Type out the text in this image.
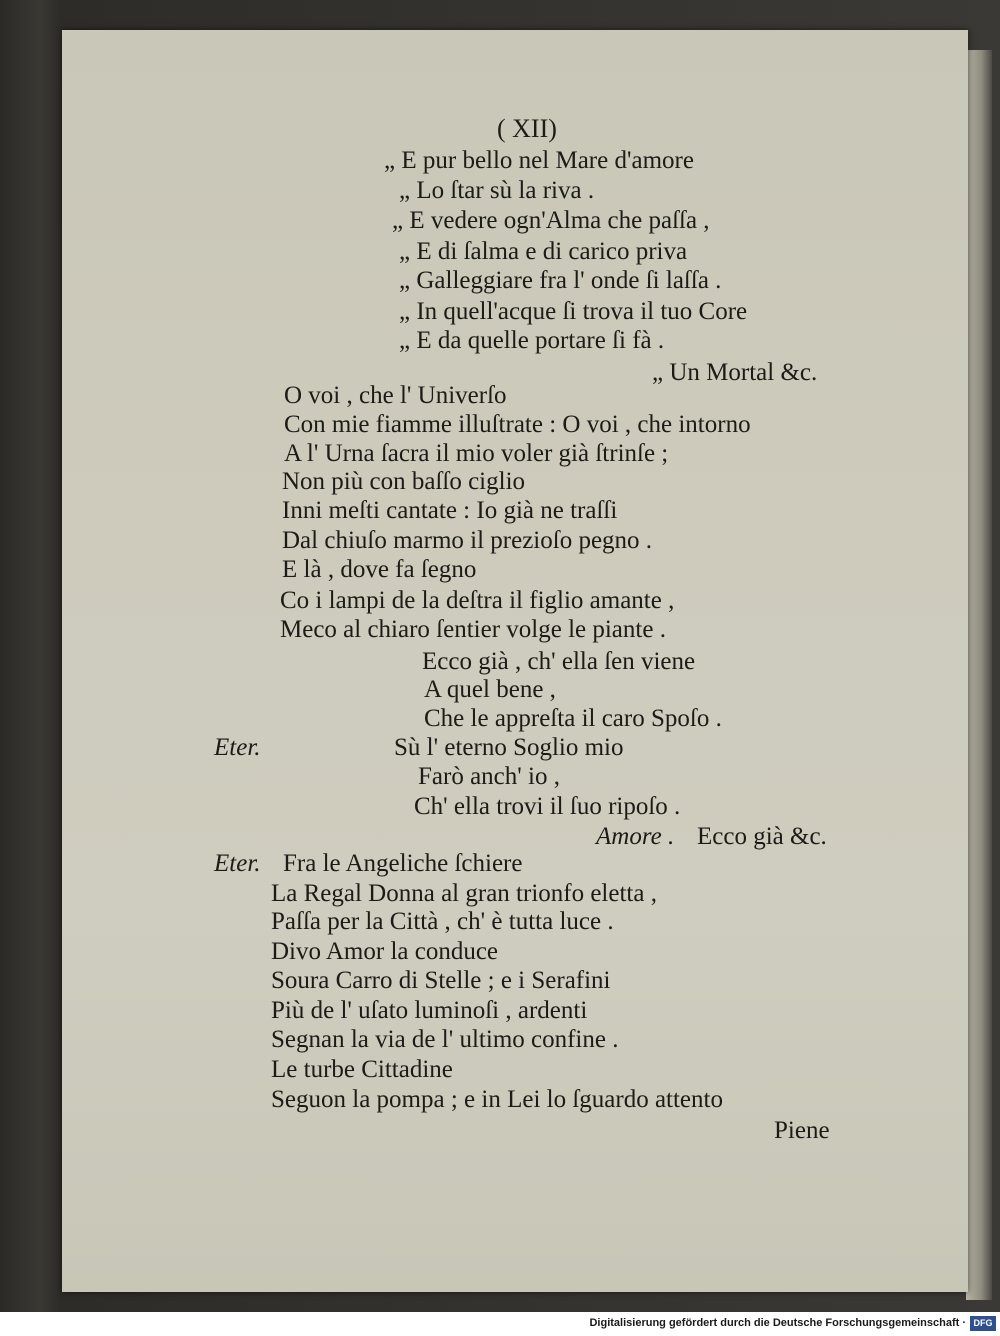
( XII)
„ E pur bello nel Mare d'amore
„ Lo ſtar sù la riva .
„ E vedere ogn'Alma che paſſa ,
„ E di ſalma e di carico priva
„ Galleggiare fra l' onde ſi laſſa .
„ In quell'acque ſi trova il tuo Core
„ E da quelle portare ſi fà .
„ Un Mortal &c.
O voi , che l' Univerſo
Con mie fiamme illuſtrate : O voi , che intorno
A l' Urna ſacra il mio voler già ſtrinſe ;
Non più con baſſo ciglio
Inni meſti cantate : Io già ne traſſi
Dal chiuſo marmo il prezioſo pegno .
E là , dove fa ſegno
Co i lampi de la deſtra il figlio amante ,
Meco al chiaro ſentier volge le piante .
Ecco già , ch' ella ſen viene
A quel bene ,
Che le appreſta il caro Spoſo .
Eter.	Sù l' eterno Soglio mio
Farò anch' io ,
Ch' ella trovi il ſuo ripoſo .
Amore . Ecco già &c.
Eter. Fra le Angeliche ſchiere
La Regal Donna al gran trionfo eletta ,
Paſſa per la Città , ch' è tutta luce .
Divo Amor la conduce
Soura Carro di Stelle ; e i Serafini
Più de l' uſato luminoſi , ardenti
Segnan la via de l' ultimo confine .
Le turbe Cittadine
Seguon la pompa ; e in Lei lo ſguardo attento
Piene
Digitalisierung gefördert durch die Deutsche Forschungsgemeinschaft · DFG
